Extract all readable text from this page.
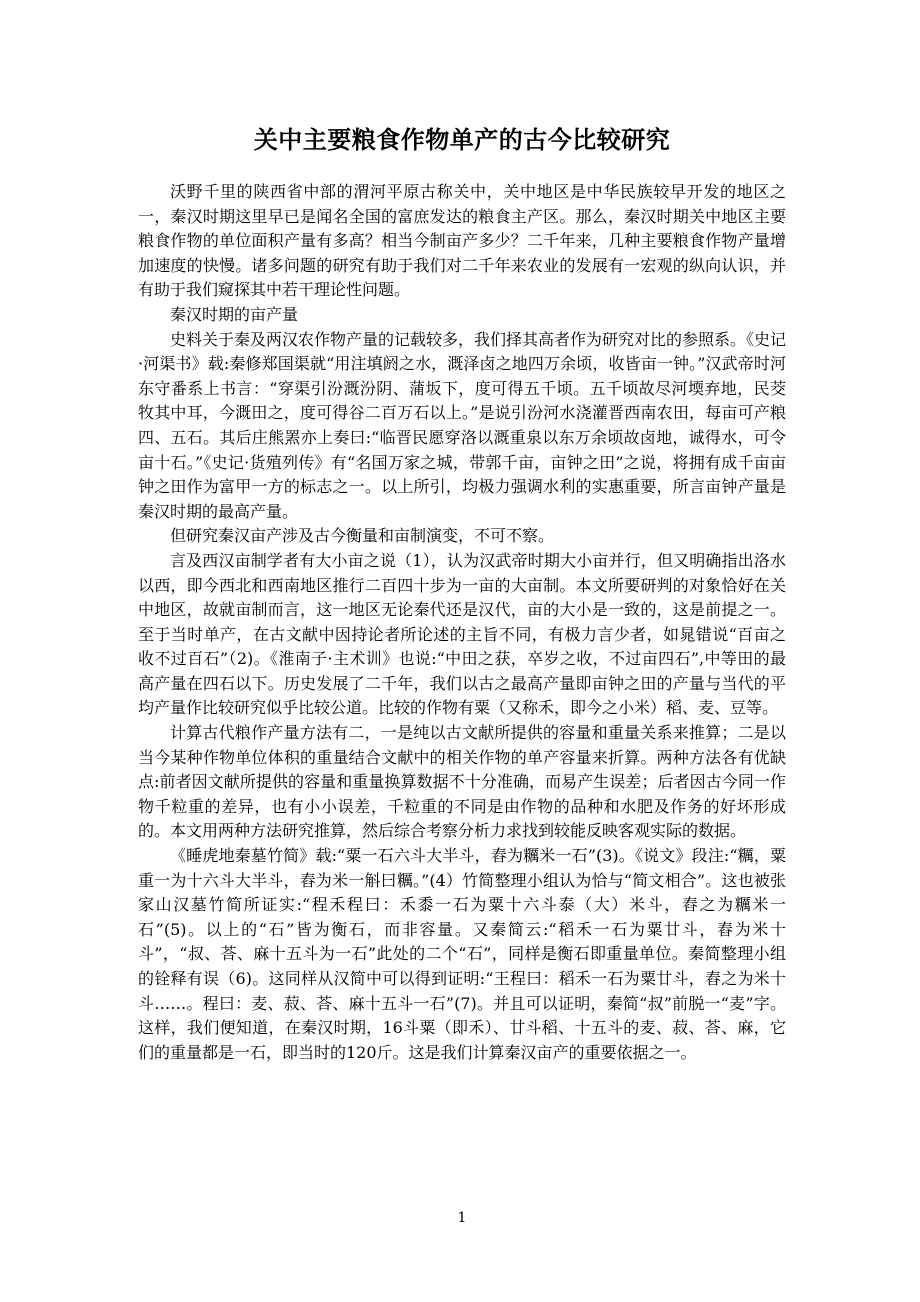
关中主要粮食作物单产的古今比较研究

沃野千里的陕西省中部的渭河平原古称关中，关中地区是中华民族较早开发的地区之一，秦汉时期这里早已是闻名全国的富庶发达的粮食主产区。那么，秦汉时期关中地区主要粮食作物的单位面积产量有多高？相当今制亩产多少？二千年来，几种主要粮食作物产量增加速度的快慢。诸多问题的研究有助于我们对二千年来农业的发展有一宏观的纵向认识，并有助于我们窥探其中若干理论性问题。

秦汉时期的亩产量

史料关于秦及两汉农作物产量的记载较多，我们择其高者作为研究对比的参照系。《史记·河渠书》载:秦修郑国渠就“用注填阏之水，溉泽卤之地四万余顷，收皆亩一钟。”汉武帝时河东守番系上书言：“穿渠引汾溉汾阴、蒲坂下，度可得五千顷。五千顷故尽河堧弃地，民茭牧其中耳，今溉田之，度可得谷二百万石以上。”是说引汾河水浇灌晋西南农田，每亩可产粮四、五石。其后庄熊罴亦上奏曰:“临晋民愿穿洛以溉重泉以东万余顷故卤地，诚得水，可令亩十石。”《史记·货殖列传》有“名国万家之城，带郭千亩，亩钟之田”之说，将拥有成千亩亩钟之田作为富甲一方的标志之一。以上所引，均极力强调水利的实惠重要，所言亩钟产量是秦汉时期的最高产量。

但研究秦汉亩产涉及古今衡量和亩制演变，不可不察。

言及西汉亩制学者有大小亩之说（1），认为汉武帝时期大小亩并行，但又明确指出洛水以西，即今西北和西南地区推行二百四十步为一亩的大亩制。本文所要研判的对象恰好在关中地区，故就亩制而言，这一地区无论秦代还是汉代，亩的大小是一致的，这是前提之一。至于当时单产，在古文献中因持论者所论述的主旨不同，有极力言少者，如晁错说“百亩之收不过百石”（2)。《淮南子·主术训》也说:“中田之获，卒岁之收，不过亩四石”,中等田的最高产量在四石以下。历史发展了二千年，我们以古之最高产量即亩钟之田的产量与当代的平均产量作比较研究似乎比较公道。比较的作物有粟（又称禾，即今之小米）稻、麦、豆等。

计算古代粮作产量方法有二，一是纯以古文献所提供的容量和重量关系来推算；二是以当今某种作物单位体积的重量结合文献中的相关作物的单产容量来折算。两种方法各有优缺点:前者因文献所提供的容量和重量换算数据不十分准确，而易产生误差；后者因古今同一作物千粒重的差异，也有小小误差，千粒重的不同是由作物的品种和水肥及作务的好坏形成的。本文用两种方法研究推算，然后综合考察分析力求找到较能反映客观实际的数据。

《睡虎地秦墓竹简》载:“粟一石六斗大半斗，舂为糲米一石”(3)。《说文》段注:“糲，粟重一为十六斗大半斗，舂为米一斛曰糲。”(4）竹简整理小组认为恰与“简文相合”。这也被张家山汉墓竹简所证实:“程禾程曰：禾黍一石为粟十六斗泰（大）米斗，舂之为糲米一石”(5)。以上的“石”皆为衡石，而非容量。又秦简云:“稻禾一石为粟廿斗，舂为米十斗”，“叔、荅、麻十五斗为一石”此处的二个“石”，同样是衡石即重量单位。秦简整理小组的铨释有误（6)。这同样从汉简中可以得到证明:“王程曰：稻禾一石为粟廿斗，舂之为米十斗……。程曰：麦、菽、荅、麻十五斗一石”(7)。并且可以证明，秦简“叔”前脱一“麦”字。这样，我们便知道，在秦汉时期，16斗粟（即禾）、廿斗稻、十五斗的麦、菽、荅、麻，它们的重量都是一石，即当时的120斤。这是我们计算秦汉亩产的重要依据之一。

1
